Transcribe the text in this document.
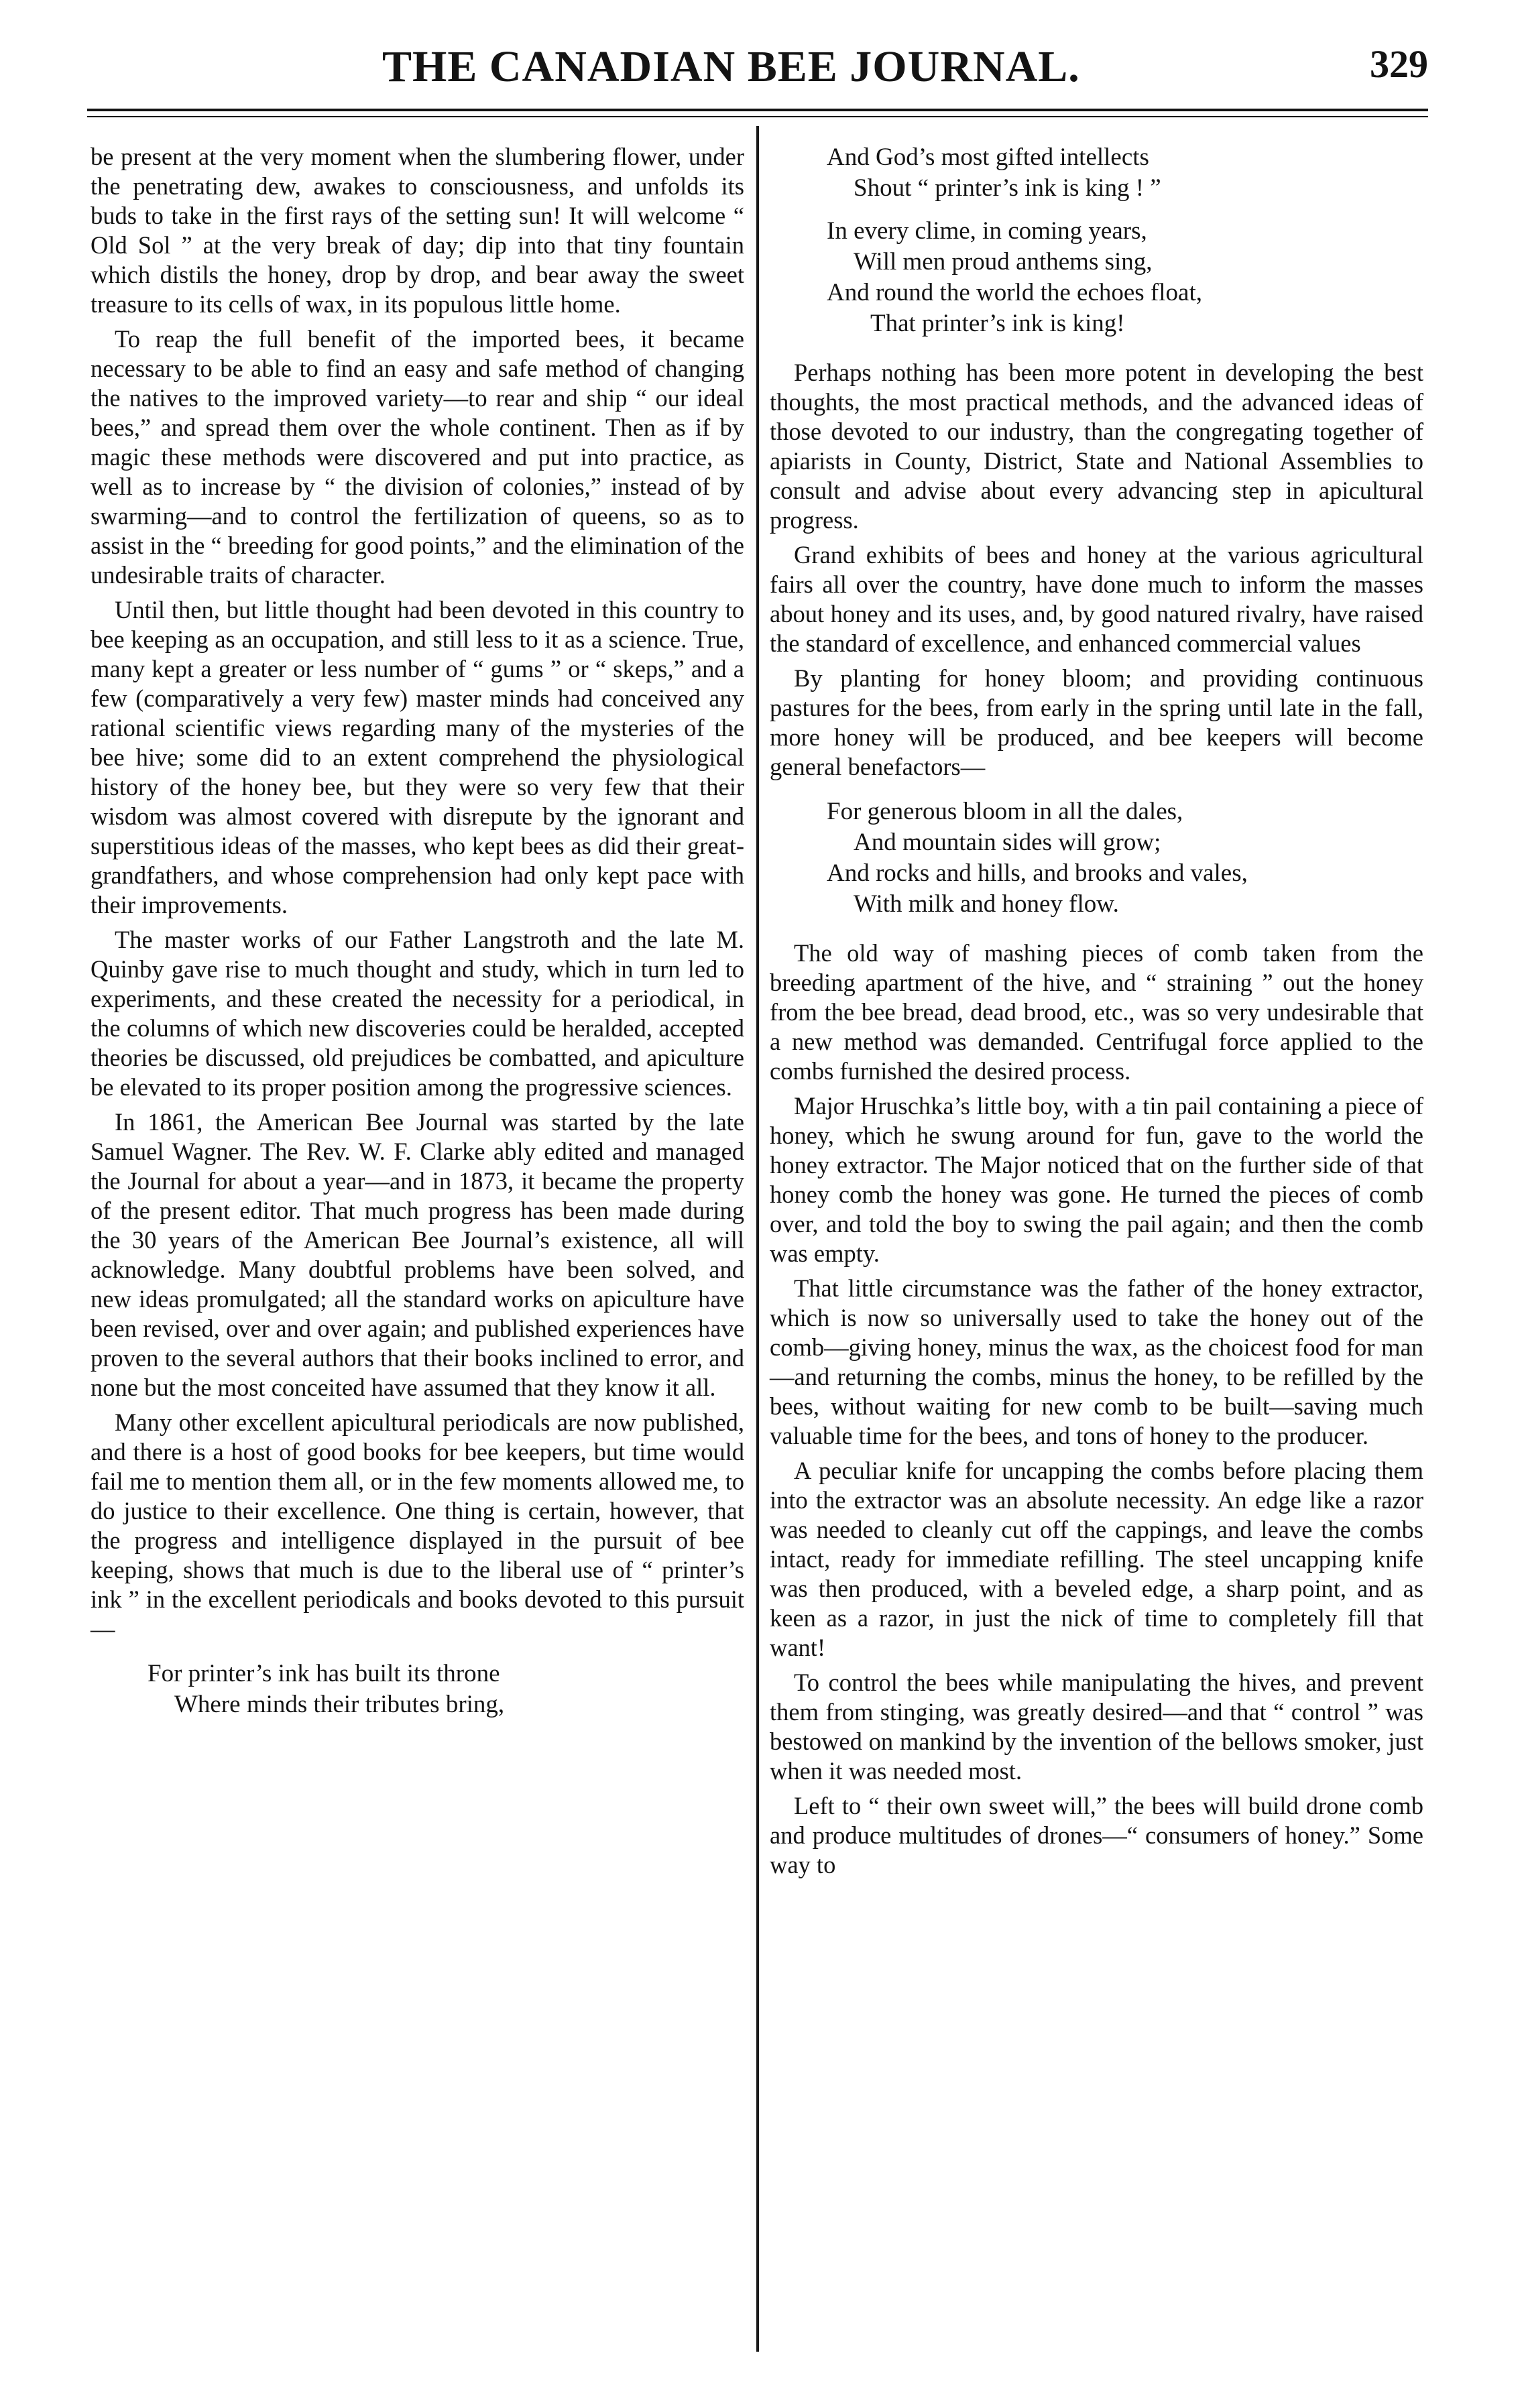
THE CANADIAN BEE JOURNAL.	329

be present at the very moment when the slumbering flower, under the penetrating dew, awakes to consciousness, and unfolds its buds to take in the first rays of the setting sun! It will welcome “ Old Sol ” at the very break of day; dip into that tiny fountain which distils the honey, drop by drop, and bear away the sweet treasure to its cells of wax, in its populous little home.

To reap the full benefit of the imported bees, it became necessary to be able to find an easy and safe method of changing the natives to the improved variety—to rear and ship “ our ideal bees,” and spread them over the whole continent. Then as if by magic these methods were discovered and put into practice, as well as to increase by “ the division of colonies,” instead of by swarming—and to control the fertilization of queens, so as to assist in the “ breeding for good points,” and the elimination of the undesirable traits of character.

Until then, but little thought had been devoted in this country to bee keeping as an occupation, and still less to it as a science. True, many kept a greater or less number of “ gums ” or “ skeps,” and a few (comparatively a very few) master minds had conceived any rational scientific views regarding many of the mysteries of the bee hive; some did to an extent comprehend the physiological history of the honey bee, but they were so very few that their wisdom was almost covered with disrepute by the ignorant and superstitious ideas of the masses, who kept bees as did their great-grandfathers, and whose comprehension had only kept pace with their improvements.

The master works of our Father Langstroth and the late M. Quinby gave rise to much thought and study, which in turn led to experiments, and these created the necessity for a periodical, in the columns of which new discoveries could be heralded, accepted theories be discussed, old prejudices be combatted, and apiculture be elevated to its proper position among the progressive sciences.

In 1861, the American Bee Journal was started by the late Samuel Wagner. The Rev. W. F. Clarke ably edited and managed the Journal for about a year—and in 1873, it became the property of the present editor. That much progress has been made during the 30 years of the American Bee Journal’s existence, all will acknowledge. Many doubtful problems have been solved, and new ideas promulgated; all the standard works on apiculture have been revised, over and over again; and published experiences have proven to the several authors that their books inclined to error, and none but the most conceited have assumed that they know it all.

Many other excellent apicultural periodicals are now published, and there is a host of good books for bee keepers, but time would fail me to mention them all, or in the few moments allowed me, to do justice to their excellence. One thing is certain, however, that the progress and intelligence displayed in the pursuit of bee keeping, shows that much is due to the liberal use of “ printer’s ink ” in the excellent periodicals and books devoted to this pursuit—

For printer’s ink has built its throne
Where minds their tributes bring,
And God’s most gifted intellects
Shout “ printer’s ink is king ! ”
In every clime, in coming years,
Will men proud anthems sing,
And round the world the echoes float,
That printer’s ink is king!

Perhaps nothing has been more potent in developing the best thoughts, the most practical methods, and the advanced ideas of those devoted to our industry, than the congregating together of apiarists in County, District, State and National Assemblies to consult and advise about every advancing step in apicultural progress.

Grand exhibits of bees and honey at the various agricultural fairs all over the country, have done much to inform the masses about honey and its uses, and, by good natured rivalry, have raised the standard of excellence, and enhanced commercial values

By planting for honey bloom; and providing continuous pastures for the bees, from early in the spring until late in the fall, more honey will be produced, and bee keepers will become general benefactors—

For generous bloom in all the dales,
And mountain sides will grow;
And rocks and hills, and brooks and vales,
With milk and honey flow.

The old way of mashing pieces of comb taken from the breeding apartment of the hive, and “ straining ” out the honey from the bee bread, dead brood, etc., was so very undesirable that a new method was demanded. Centrifugal force applied to the combs furnished the desired process.

Major Hruschka’s little boy, with a tin pail containing a piece of honey, which he swung around for fun, gave to the world the honey extractor. The Major noticed that on the further side of that honey comb the honey was gone. He turned the pieces of comb over, and told the boy to swing the pail again; and then the comb was empty.

That little circumstance was the father of the honey extractor, which is now so universally used to take the honey out of the comb—giving honey, minus the wax, as the choicest food for man—and returning the combs, minus the honey, to be refilled by the bees, without waiting for new comb to be built—saving much valuable time for the bees, and tons of honey to the producer.

A peculiar knife for uncapping the combs before placing them into the extractor was an absolute necessity. An edge like a razor was needed to cleanly cut off the cappings, and leave the combs intact, ready for immediate refilling. The steel uncapping knife was then produced, with a beveled edge, a sharp point, and as keen as a razor, in just the nick of time to completely fill that want!

To control the bees while manipulating the hives, and prevent them from stinging, was greatly desired—and that “ control ” was bestowed on mankind by the invention of the bellows smoker, just when it was needed most.

Left to “ their own sweet will,” the bees will build drone comb and produce multitudes of drones—“ consumers of honey.” Some way to
